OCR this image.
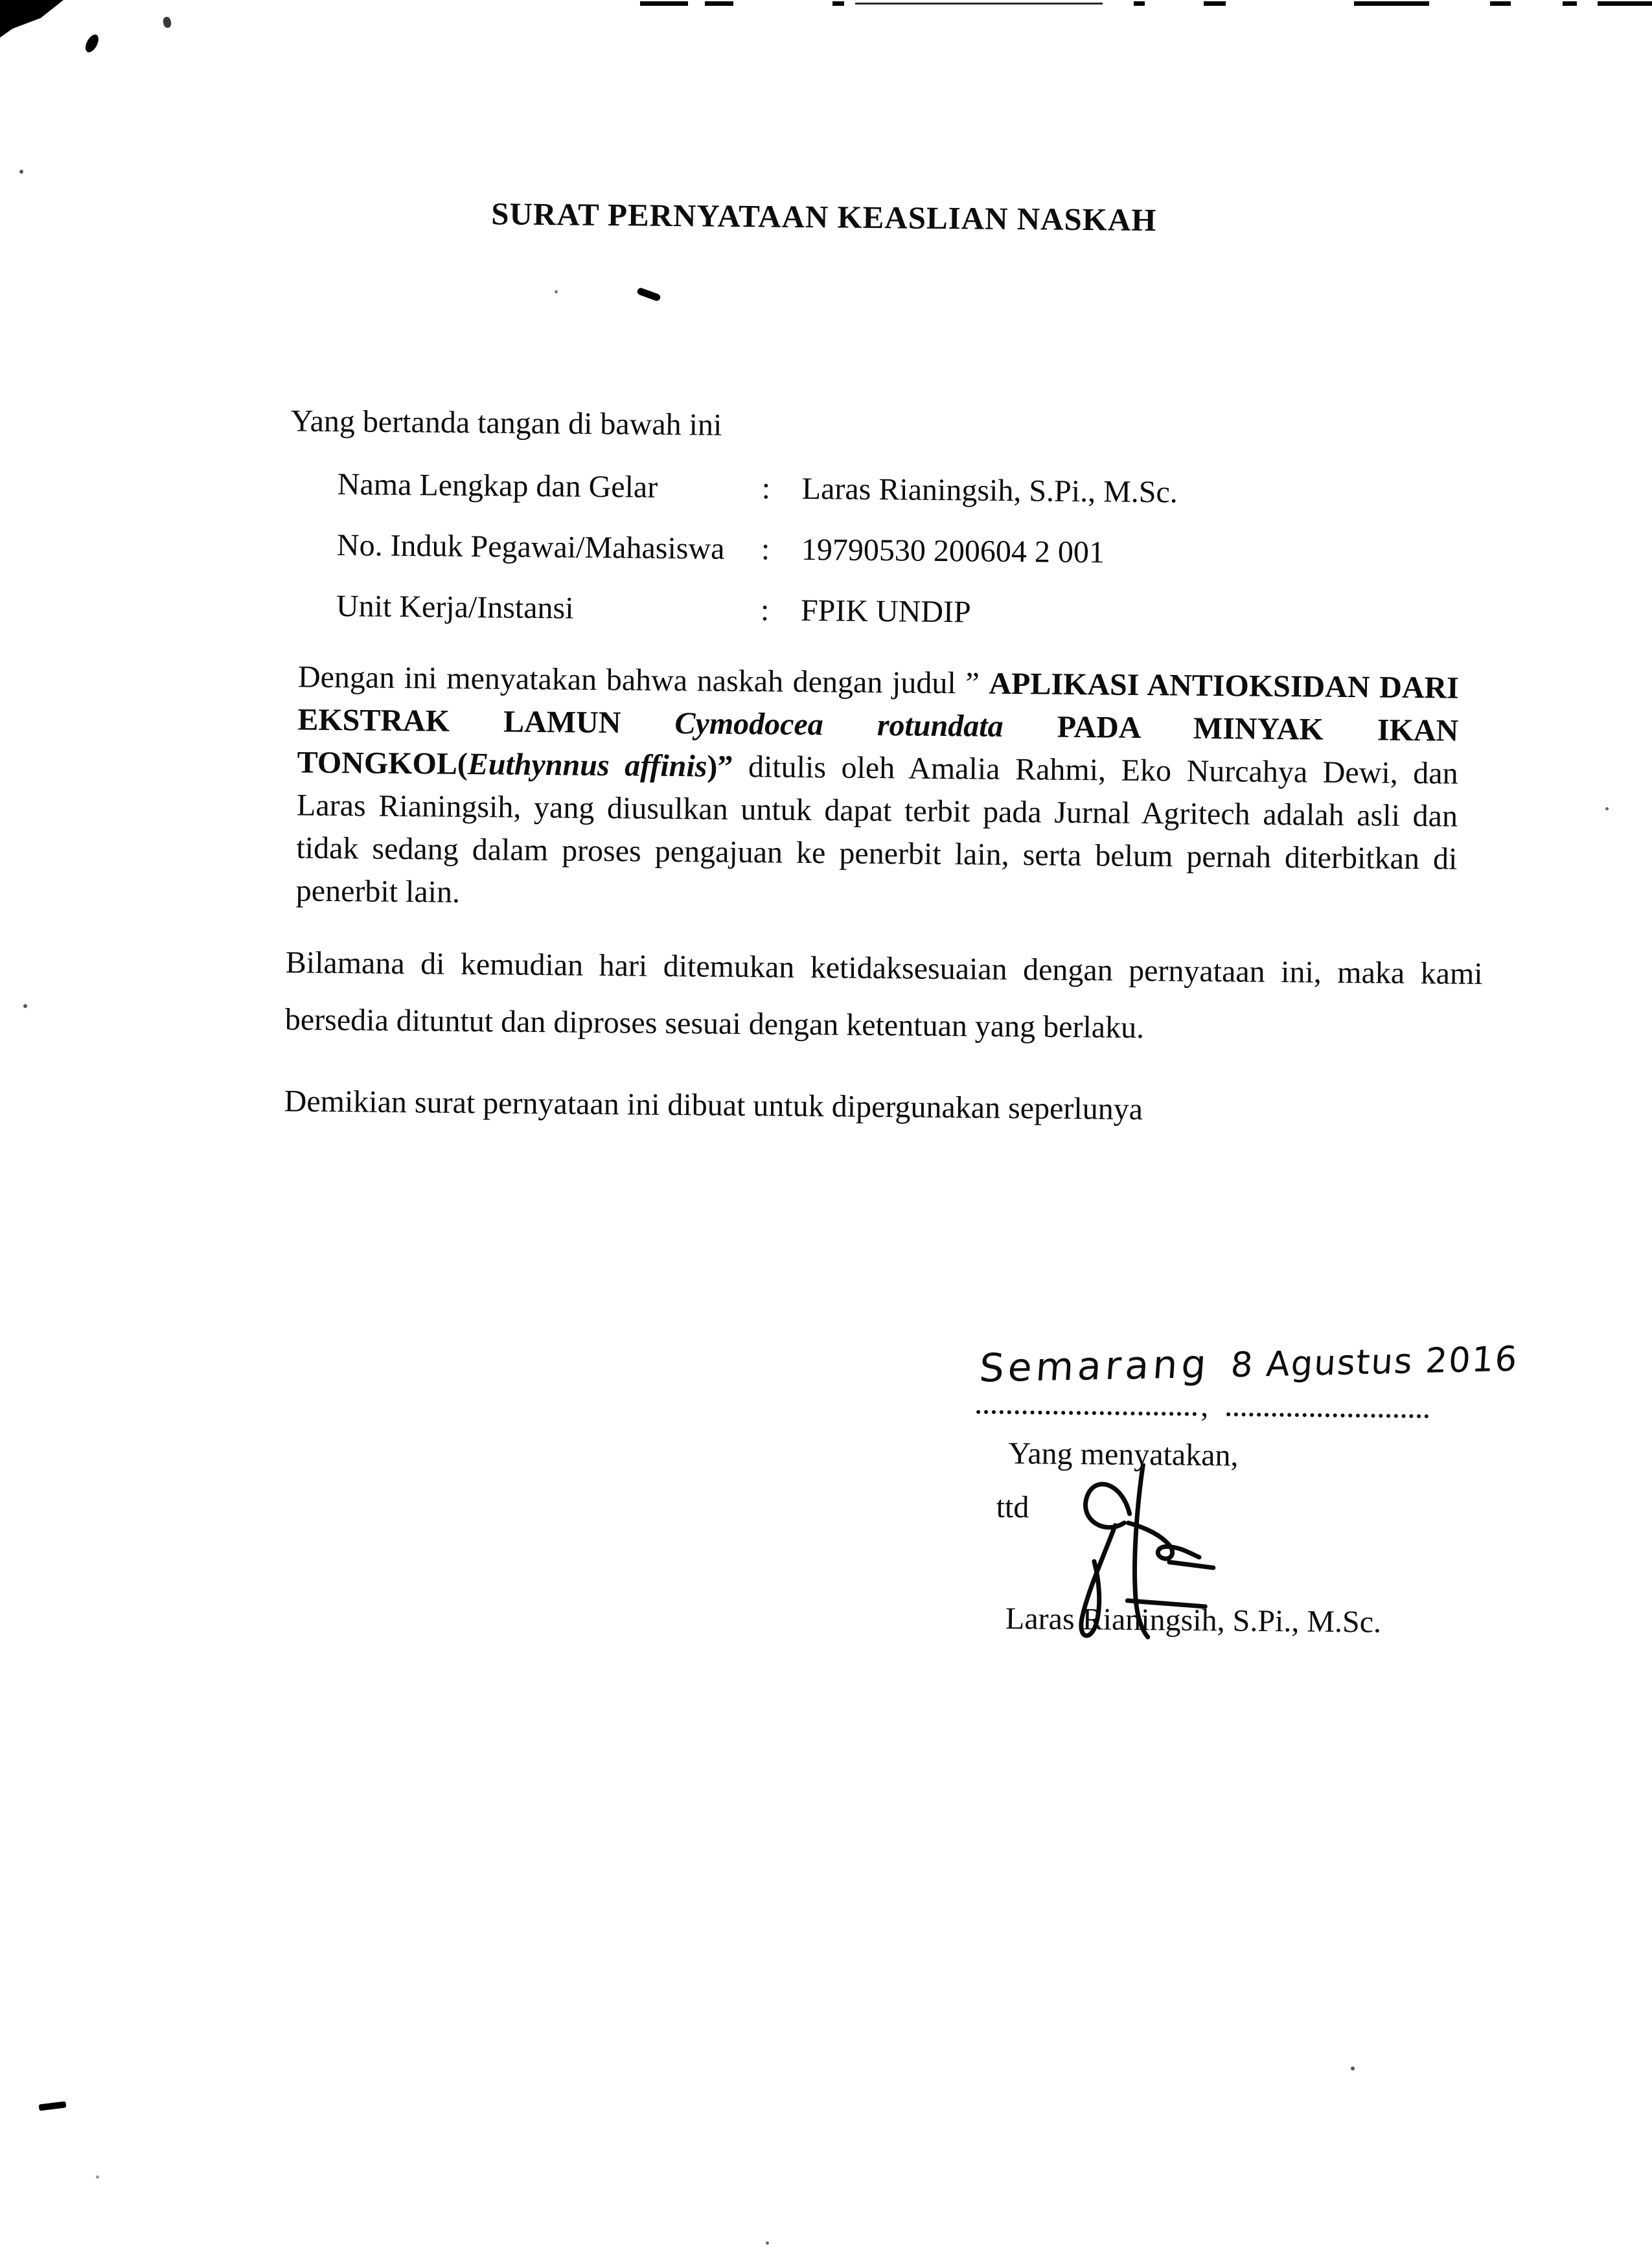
SURAT PERNYATAAN KEASLIAN NASKAH
Yang bertanda tangan di bawah ini
Nama Lengkap dan Gelar	:	Laras Rianingsih, S.Pi., M.Sc.
No. Induk Pegawai/Mahasiswa	:	19790530 200604 2 001
Unit Kerja/Instansi	:	FPIK UNDIP

Dengan ini menyatakan bahwa naskah dengan judul ” APLIKASI ANTIOKSIDAN DARI EKSTRAK LAMUN Cymodocea rotundata PADA MINYAK IKAN TONGKOL(Euthynnus affinis)” ditulis oleh Amalia Rahmi, Eko Nurcahya Dewi, dan Laras Rianingsih, yang diusulkan untuk dapat terbit pada Jurnal Agritech adalah asli dan tidak sedang dalam proses pengajuan ke penerbit lain, serta belum pernah diterbitkan di penerbit lain.

Bilamana di kemudian hari ditemukan ketidaksesuaian dengan pernyataan ini, maka kami bersedia dituntut dan diproses sesuai dengan ketentuan yang berlaku.

Demikian surat pernyataan ini dibuat untuk dipergunakan seperlunya

,
Semarang 8 Agustus 2016
Yang menyatakan,
ttd
Laras Rianingsih, S.Pi., M.Sc.
